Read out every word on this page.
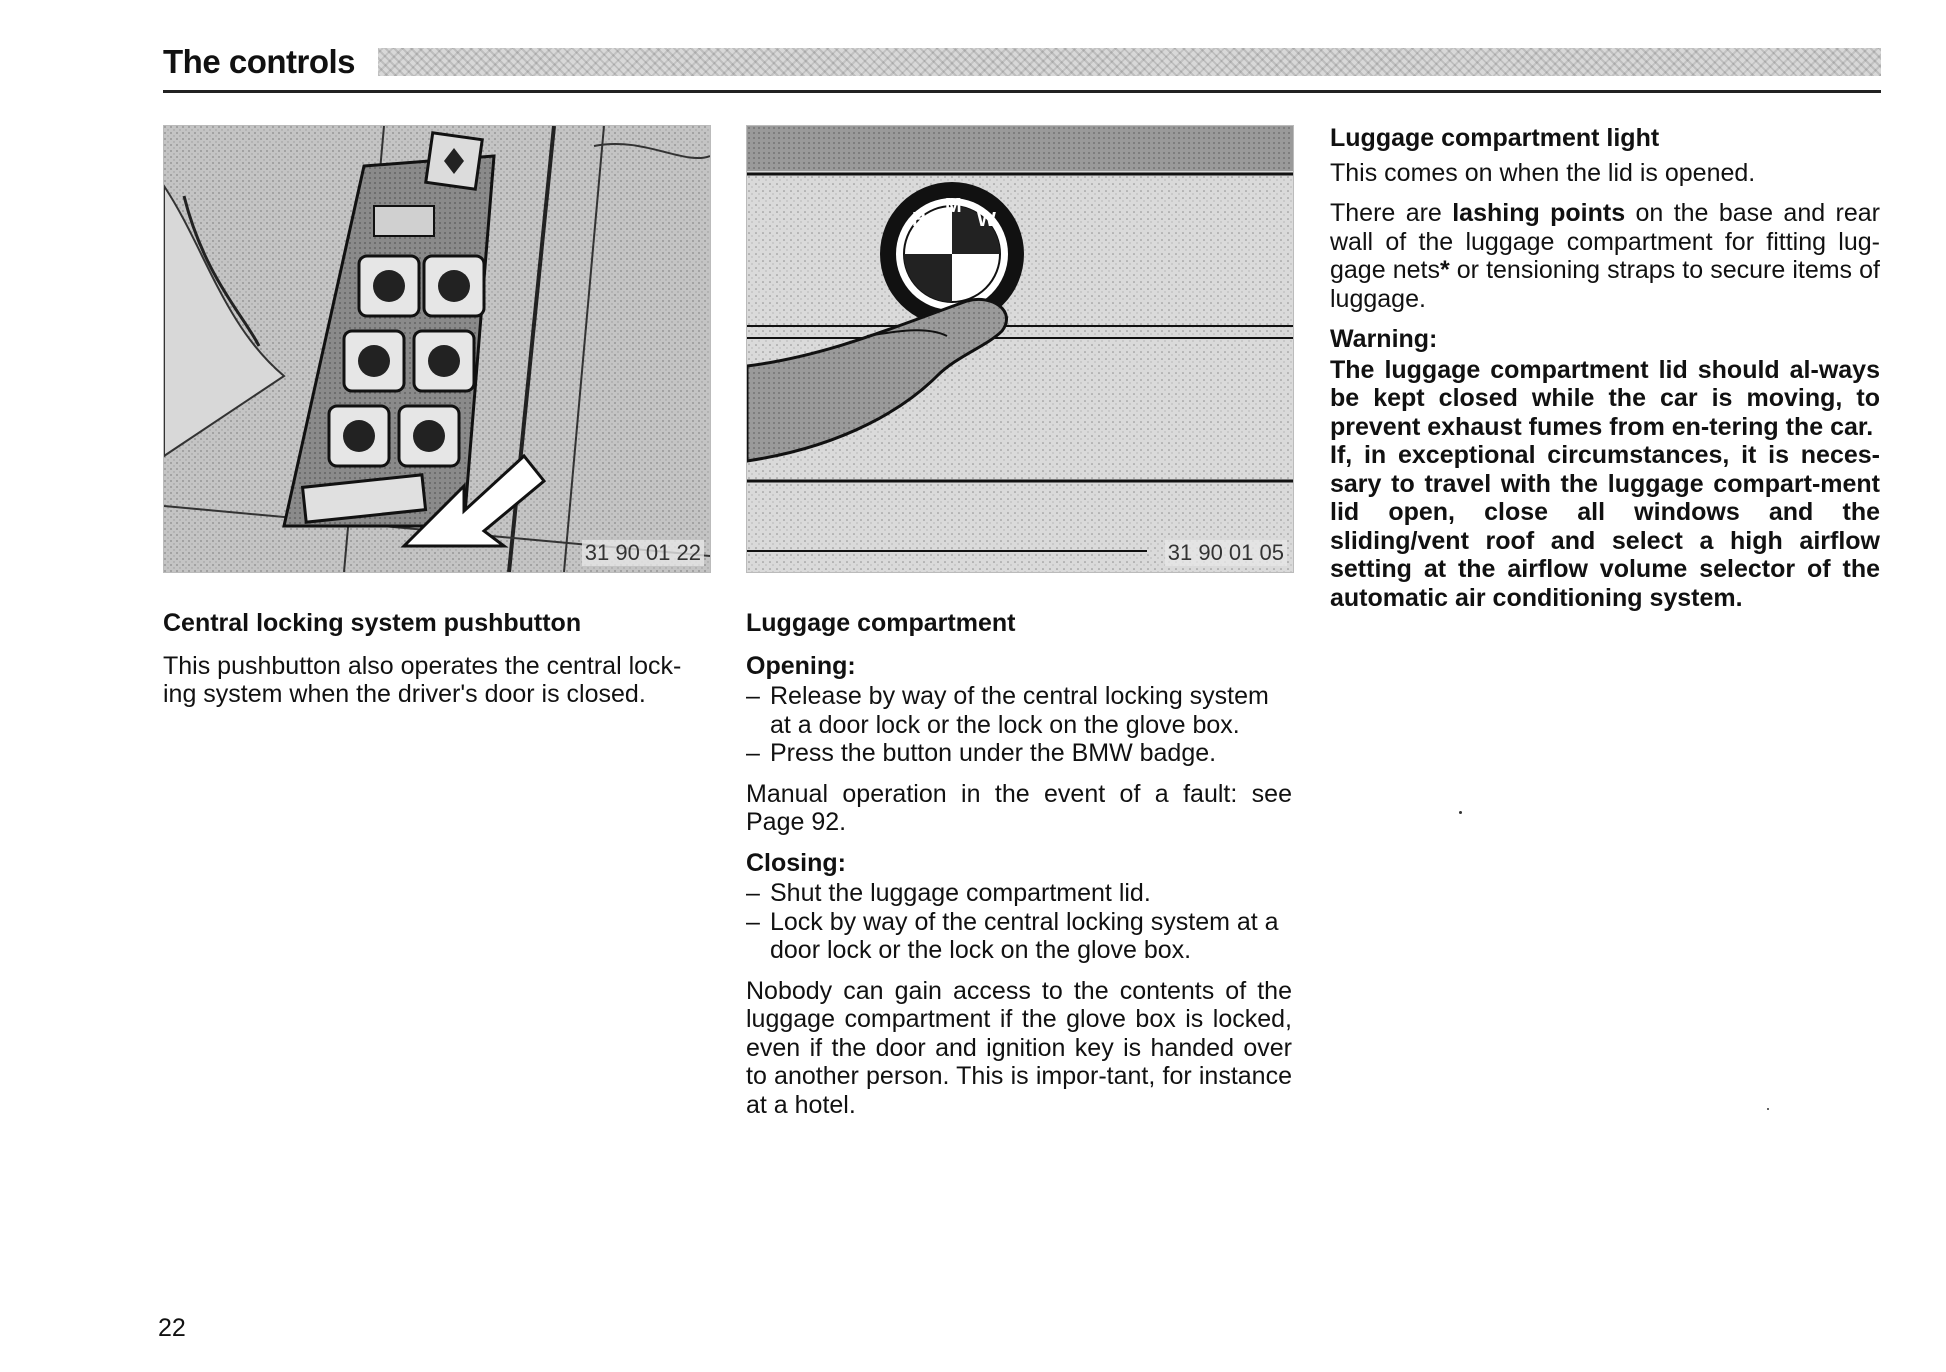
The controls
31 90 01 22
B
M
W
31 90 01 05
Central locking system pushbutton

This pushbutton also operates the central lock-ing system when the driver's door is closed.

Luggage compartment
Opening:
– Release by way of the central locking system at a door lock or the lock on the glove box.
– Press the button under the BMW badge.

Manual operation in the event of a fault: see Page 92.

Closing:
– Shut the luggage compartment lid.
– Lock by way of the central locking system at a door lock or the lock on the glove box.

Nobody can gain access to the contents of the luggage compartment if the glove box is locked, even if the door and ignition key is handed over to another person. This is impor-tant, for instance at a hotel.

Luggage compartment light

This comes on when the lid is opened.

There are lashing points on the base and rear wall of the luggage compartment for fitting lug-gage nets* or tensioning straps to secure items of luggage.

Warning:

The luggage compartment lid should al-ways be kept closed while the car is moving, to prevent exhaust fumes from en-tering the car.

If, in exceptional circumstances, it is neces-sary to travel with the luggage compart-ment lid open, close all windows and the sliding/vent roof and select a high airflow setting at the airflow volume selector of the automatic air conditioning system.

22
